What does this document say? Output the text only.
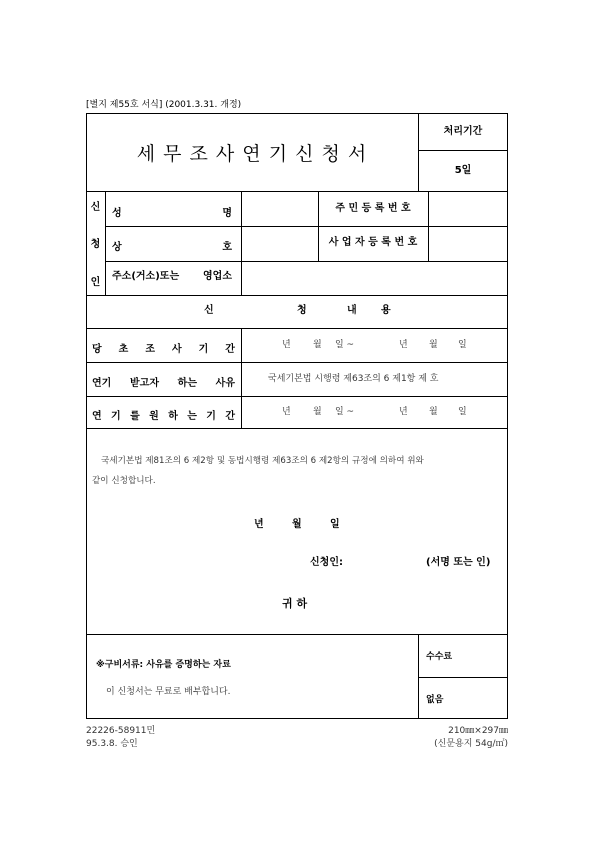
[별지 제55호 서식] (2001.3.31. 개정)
세 무 조 사 연 기 신 청 서
처리기간
5일
신
청
인
성	명	주 민 등 록 번 호
상	호	사 업 자 등 록 번 호
주소(거소)또는 영업소
신	청	내 용
당 초 조 사 기 간	년 월 일 ~	년 월 일
연기 받고자 하는 사유	국세기본법 시행령 제63조의 6 제1항 제 호
연 기 를 원 하 는 기 간	년 월 일 ~	년 월 일
국세기본법 제81조의 6 제2항 및 동법시행령 제63조의 6 제2항의 규정에 의하여 위와
같이 신청합니다.
년	월	일
신청인:	(서명 또는 인)
귀 하
※구비서류: 사유를 증명하는 자료
이 신청서는 무료로 배부합니다.
수수료
없음
22226-58911민
95.3.8. 승인
210㎜×297㎜
(신문용지 54g/㎡)
